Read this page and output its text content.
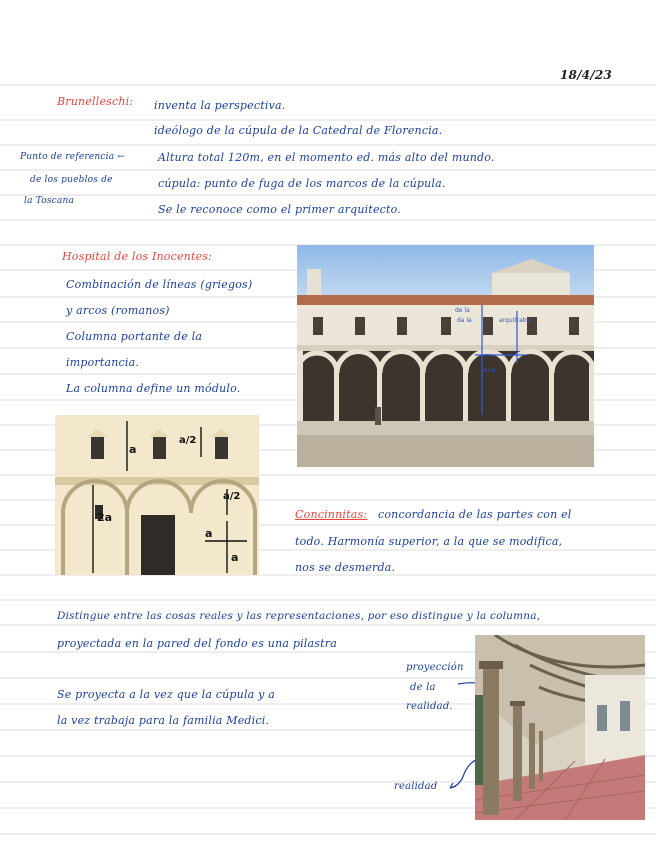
18/4/23
Brunelleschi: inventa la perspectiva.
ideólogo de la cúpula de la Catedral de Florencia.
Altura total 120m, en el momento ed. más alto del mundo.
cúpula: punto de fuga de los marcos de la cúpula.
Se le reconoce como el primer arquitecto.
Punto de referencia ←
de los pueblos de
la Toscana
Hospital de los Inocentes:
Combinación de líneas (griegos)
y arcos (romanos)
Columna portante de la
importancia.
La columna define un módulo.
de la
arquitrabe
a+a
da la
a
a/2
a/2
2a
a
a
Concinnitas: concordancia de las partes con el
todo. Harmonía superior, a la que se modifica,
nos se desmerda.
Distingue entre las cosas reales y las representaciones, por eso distingue y la columna,
proyectada en la pared del fondo es una pilastra
Se proyecta a la vez que la cúpula y a
la vez trabaja para la familia Medici.
proyección
de la
realidad.
realidad
